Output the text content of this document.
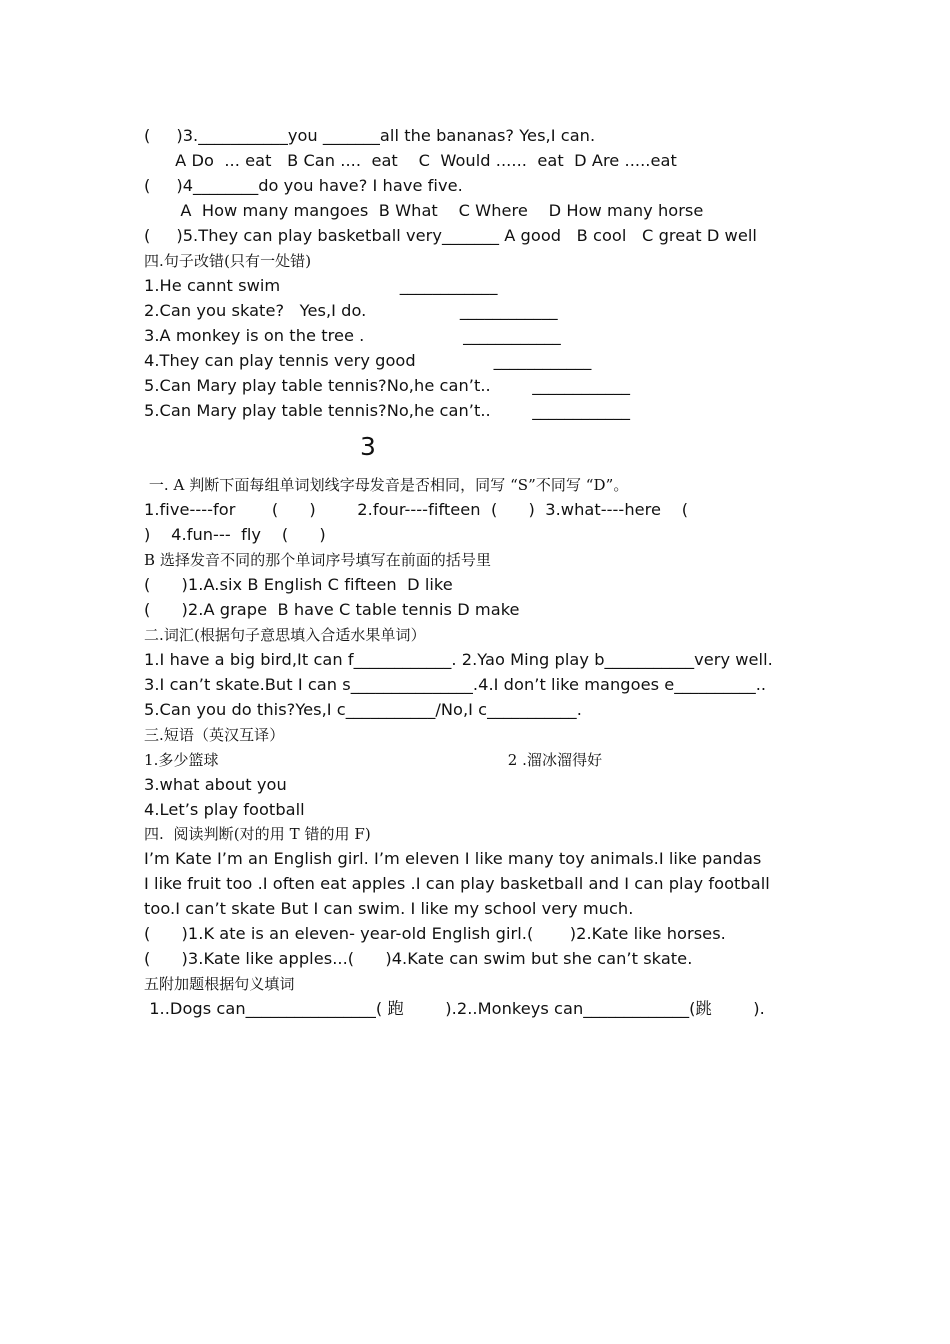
(     )3.___________you _______all the bananas? Yes,I can.
A Do  ... eat   B Can ....  eat    C  Would ......  eat  D Are .....eat
(     )4________do you have? I have five.
A  How many mangoes  B What    C Where    D How many horse
(     )5.They can play basketball very_______ A good   B cool   C great D well
四.句子改错(只有一处错)
1.He cannt swim                       ____________
2.Can you skate?   Yes,I do.                  ____________
3.A monkey is on the tree .                   ____________
4.They can play tennis very good               ____________
5.Can Mary play table tennis?No,he can’t..        ____________
5.Can Mary play table tennis?No,he can’t..        ____________
3
一. A 判断下面每组单词划线字母发音是否相同，同写 “S”不同写 “D”。
1.five----for       (      )        2.four----fifteen  (      )  3.what----here    (
)    4.fun---  fly    (      )
B 选择发音不同的那个单词序号填写在前面的括号里
(      )1.A.six B English C fifteen  D like
(      )2.A grape  B have C table tennis D make
二.词汇(根据句子意思填入合适水果单词）
1.I have a big bird,It can f____________. 2.Yao Ming play b___________very well.
3.I can’t skate.But I can s_______________.4.I don’t like mangoes e__________..
5.Can you do this?Yes,I c___________/No,I c___________.
三.短语（英汉互译）
1.多少篮球                                                            2 .溜冰溜得好
3.what about you
4.Let’s play football
四.  阅读判断(对的用 T 错的用 F)
I’m Kate I’m an English girl. I’m eleven I like many toy animals.I like pandas
I like fruit too .I often eat apples .I can play basketball and I can play football
too.I can’t skate But I can swim. I like my school very much.
(      )1.K ate is an eleven- year-old English girl.(       )2.Kate like horses.
(      )3.Kate like apples...(      )4.Kate can swim but she can’t skate.
五附加题根据句义填词
1..Dogs can________________( 跑        ).2..Monkeys can_____________(跳        ).
